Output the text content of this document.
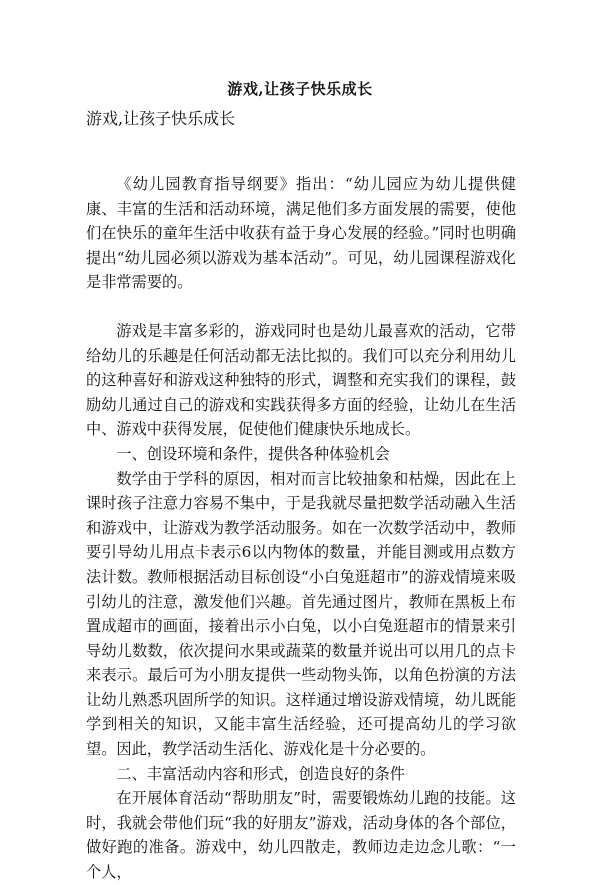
游戏,让孩子快乐成长
游戏,让孩子快乐成长

《幼儿园教育指导纲要》指出：“幼儿园应为幼儿提供健康、丰富的生活和活动环境，满足他们多方面发展的需要，使他们在快乐的童年生活中收获有益于身心发展的经验。”同时也明确提出“幼儿园必须以游戏为基本活动”。可见，幼儿园课程游戏化是非常需要的。

游戏是丰富多彩的，游戏同时也是幼儿最喜欢的活动，它带给幼儿的乐趣是任何活动都无法比拟的。我们可以充分利用幼儿的这种喜好和游戏这种独特的形式，调整和充实我们的课程，鼓励幼儿通过自己的游戏和实践获得多方面的经验，让幼儿在生活中、游戏中获得发展，促使他们健康快乐地成长。

一、创设环境和条件，提供各种体验机会

数学由于学科的原因，相对而言比较抽象和枯燥，因此在上课时孩子注意力容易不集中，于是我就尽量把数学活动融入生活和游戏中，让游戏为教学活动服务。如在一次数学活动中，教师要引导幼儿用点卡表示6以内物体的数量，并能目测或用点数方法计数。教师根据活动目标创设“小白兔逛超市”的游戏情境来吸引幼儿的注意，激发他们兴趣。首先通过图片，教师在黑板上布置成超市的画面，接着出示小白兔，以小白兔逛超市的情景来引导幼儿数数，依次提问水果或蔬菜的数量并说出可以用几的点卡来表示。最后可为小朋友提供一些动物头饰，以角色扮演的方法让幼儿熟悉巩固所学的知识。这样通过增设游戏情境，幼儿既能学到相关的知识，又能丰富生活经验，还可提高幼儿的学习欲望。因此，教学活动生活化、游戏化是十分必要的。

二、丰富活动内容和形式，创造良好的条件

在开展体育活动“帮助朋友”时，需要锻炼幼儿跑的技能。这时，我就会带他们玩“我的好朋友”游戏，活动身体的各个部位，做好跑的准备。游戏中，幼儿四散走，教师边走边念儿歌：“一个人，
